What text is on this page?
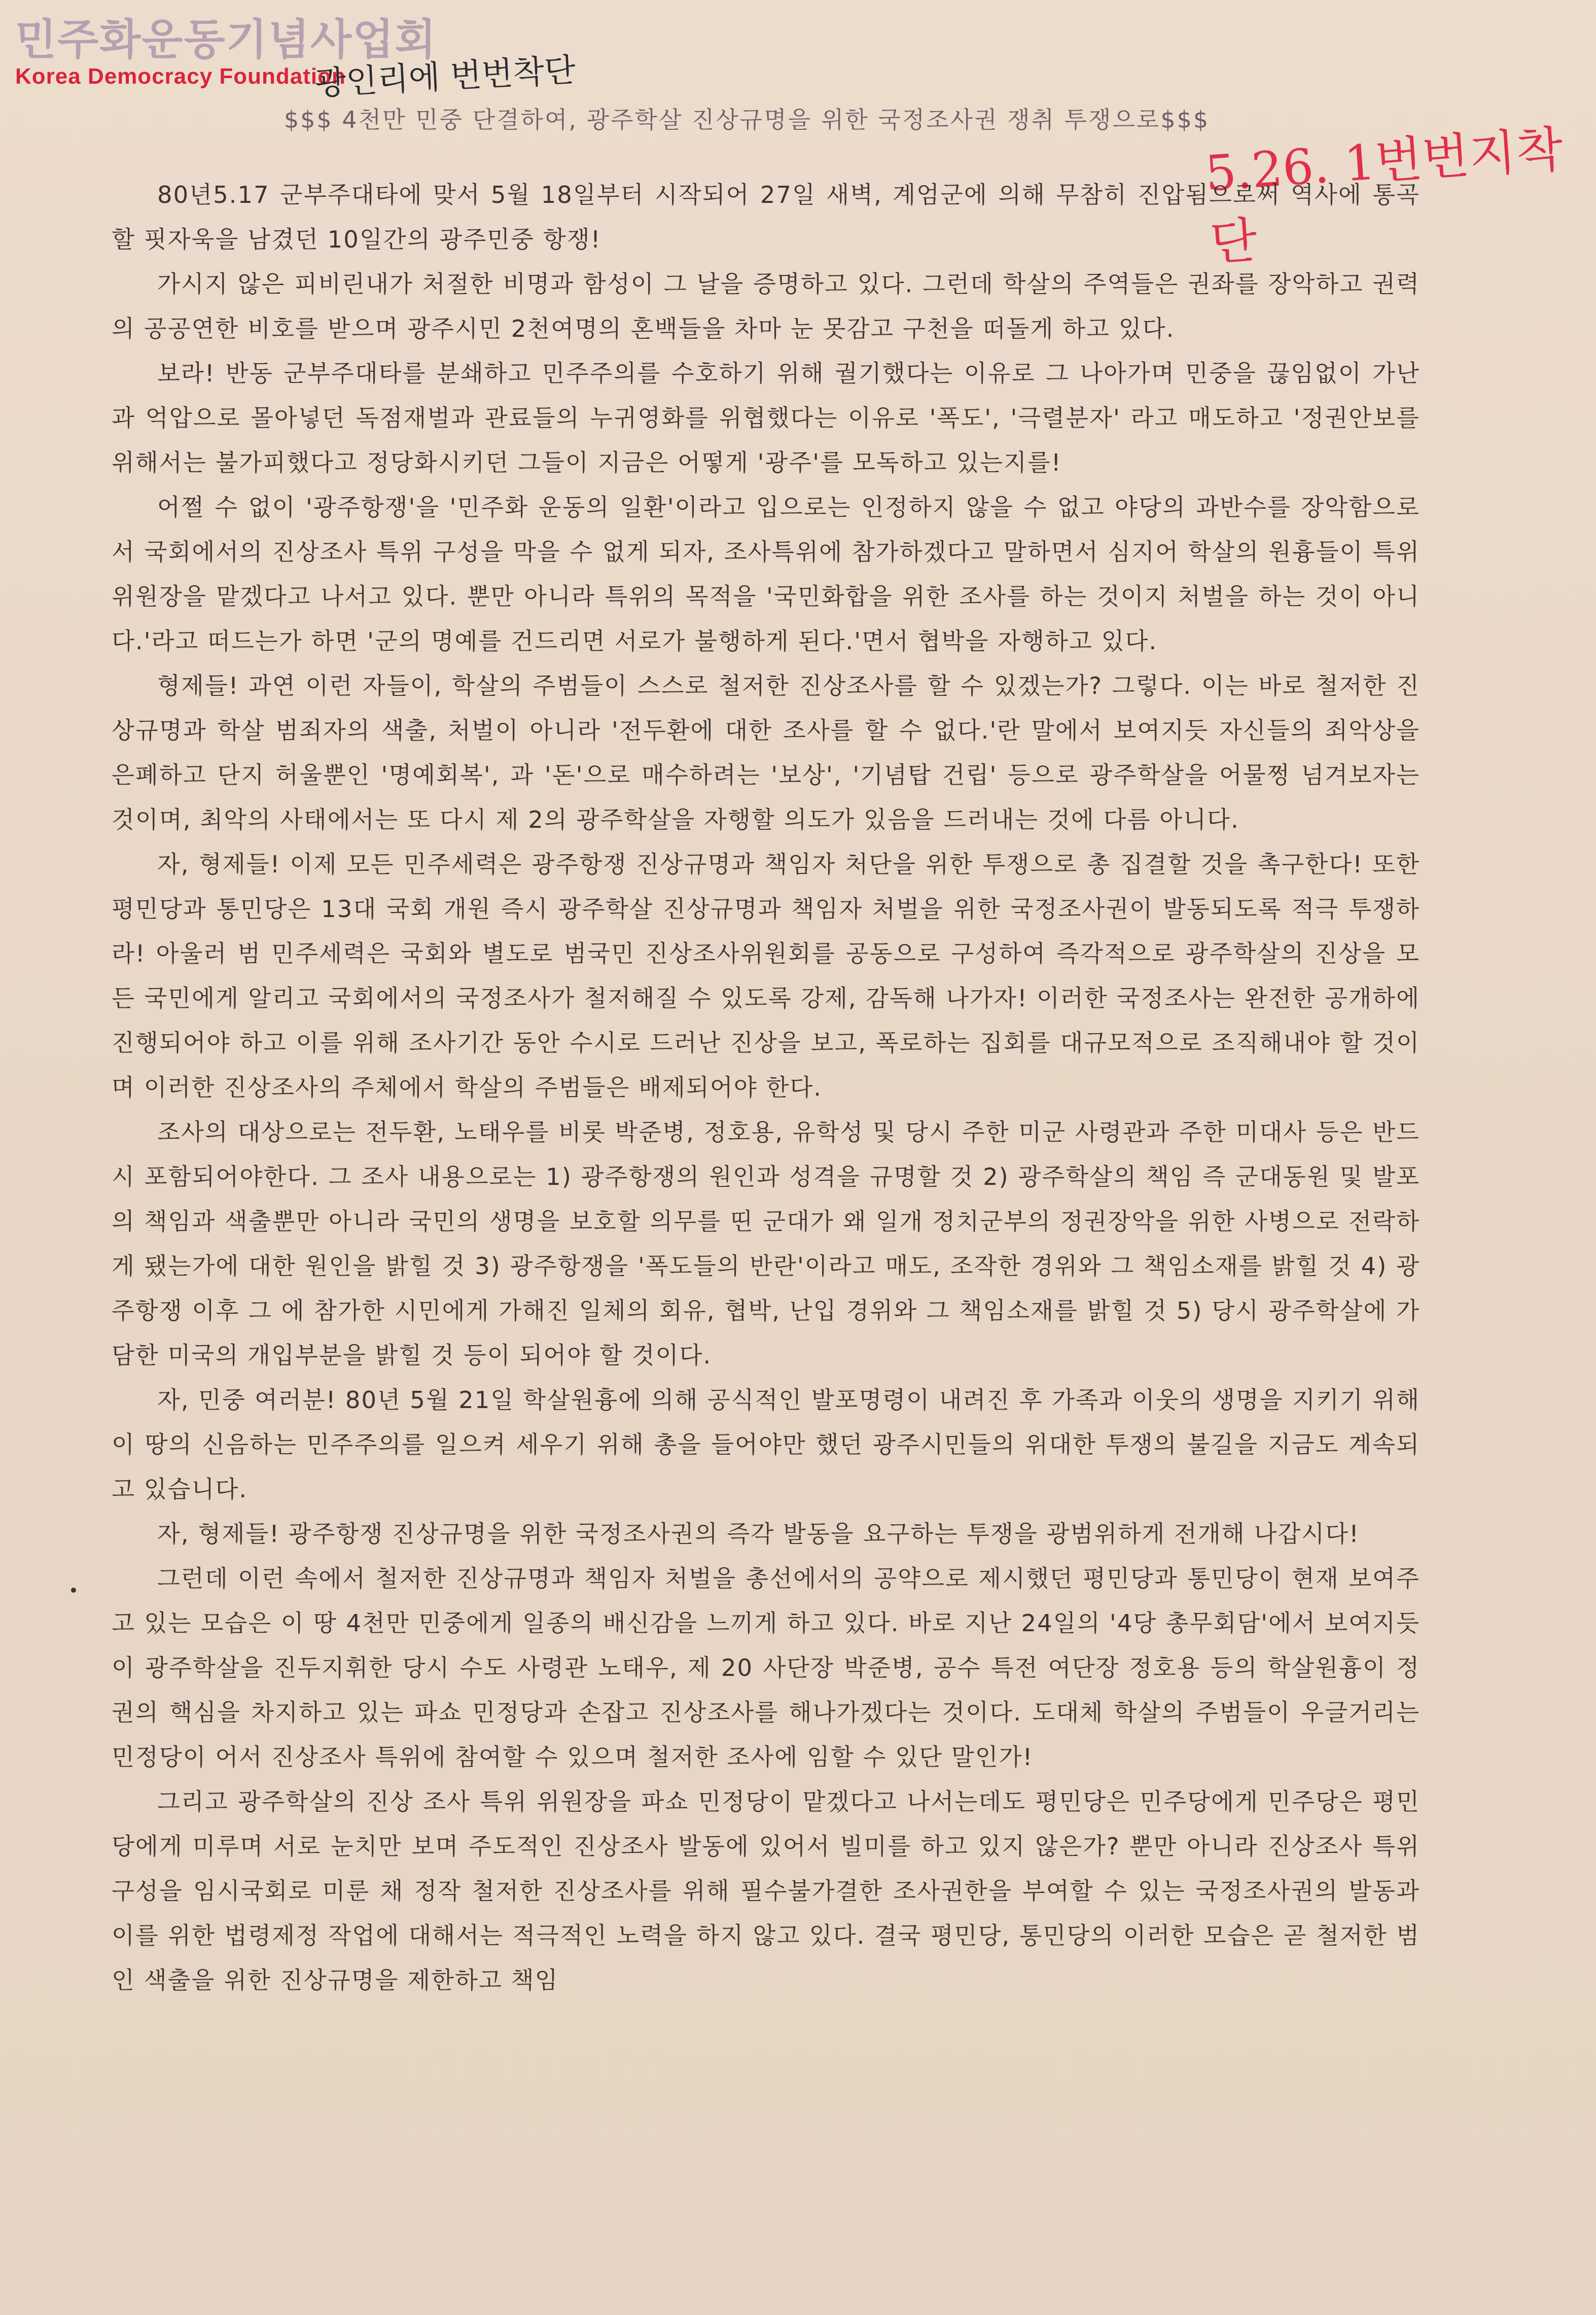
민주화운동기념사업회
Korea Democracy Foundation
광인리에 번번착단
5.26. 1번번지착단
$$$ 4천만 민중 단결하여, 광주학살 진상규명을 위한 국정조사권 쟁취 투쟁으로$$$

80년5.17 군부주대타에 맞서 5월 18일부터 시작되어 27일 새벽, 계엄군에 의해 무참히 진압됨으로써 역사에 통곡할 핏자욱을 남겼던 10일간의 광주민중 항쟁!

가시지 않은 피비린내가 처절한 비명과 함성이 그 날을 증명하고 있다. 그런데 학살의 주역들은 권좌를 장악하고 권력의 공공연한 비호를 받으며 광주시민 2천여명의 혼백들을 차마 눈 못감고 구천을 떠돌게 하고 있다.

보라! 반동 군부주대타를 분쇄하고 민주주의를 수호하기 위해 궐기했다는 이유로 그 나아가며 민중을 끊임없이 가난과 억압으로 몰아넣던 독점재벌과 관료들의 누귀영화를 위협했다는 이유로 '폭도', '극렬분자' 라고 매도하고 '정권안보를 위해서는 불가피했다고 정당화시키던 그들이 지금은 어떻게 '광주'를 모독하고 있는지를!

어쩔 수 없이 '광주항쟁'을 '민주화 운동의 일환'이라고 입으로는 인정하지 않을 수 없고 야당의 과반수를 장악함으로서 국회에서의 진상조사 특위 구성을 막을 수 없게 되자, 조사특위에 참가하겠다고 말하면서 심지어 학살의 원흉들이 특위위원장을 맡겠다고 나서고 있다. 뿐만 아니라 특위의 목적을 '국민화합을 위한 조사를 하는 것이지 처벌을 하는 것이 아니다.'라고 떠드는가 하면 '군의 명예를 건드리면 서로가 불행하게 된다.'면서 협박을 자행하고 있다.

형제들! 과연 이런 자들이, 학살의 주범들이 스스로 철저한 진상조사를 할 수 있겠는가? 그렇다. 이는 바로 철저한 진상규명과 학살 범죄자의 색출, 처벌이 아니라 '전두환에 대한 조사를 할 수 없다.'란 말에서 보여지듯 자신들의 죄악상을 은폐하고 단지 허울뿐인 '명예회복', 과 '돈'으로 매수하려는 '보상', '기념탑 건립' 등으로 광주학살을 어물쩡 넘겨보자는 것이며, 최악의 사태에서는 또 다시 제 2의 광주학살을 자행할 의도가 있음을 드러내는 것에 다름 아니다.

자, 형제들! 이제 모든 민주세력은 광주항쟁 진상규명과 책임자 처단을 위한 투쟁으로 총 집결할 것을 촉구한다! 또한 평민당과 통민당은 13대 국회 개원 즉시 광주학살 진상규명과 책임자 처벌을 위한 국정조사권이 발동되도록 적극 투쟁하라! 아울러 범 민주세력은 국회와 별도로 범국민 진상조사위원회를 공동으로 구성하여 즉각적으로 광주학살의 진상을 모든 국민에게 알리고 국회에서의 국정조사가 철저해질 수 있도록 강제, 감독해 나가자! 이러한 국정조사는 완전한 공개하에 진행되어야 하고 이를 위해 조사기간 동안 수시로 드러난 진상을 보고, 폭로하는 집회를 대규모적으로 조직해내야 할 것이며 이러한 진상조사의 주체에서 학살의 주범들은 배제되어야 한다.

조사의 대상으로는 전두환, 노태우를 비롯 박준병, 정호용, 유학성 및 당시 주한 미군 사령관과 주한 미대사 등은 반드시 포함되어야한다. 그 조사 내용으로는 1) 광주항쟁의 원인과 성격을 규명할 것 2) 광주학살의 책임 즉 군대동원 및 발포의 책임과 색출뿐만 아니라 국민의 생명을 보호할 의무를 띤 군대가 왜 일개 정치군부의 정권장악을 위한 사병으로 전락하게 됐는가에 대한 원인을 밝힐 것 3) 광주항쟁을 '폭도들의 반란'이라고 매도, 조작한 경위와 그 책임소재를 밝힐 것 4) 광주항쟁 이후 그 에 참가한 시민에게 가해진 일체의 회유, 협박, 난입 경위와 그 책임소재를 밝힐 것 5) 당시 광주학살에 가담한 미국의 개입부분을 밝힐 것 등이 되어야 할 것이다.

자, 민중 여러분! 80년 5월 21일 학살원흉에 의해 공식적인 발포명령이 내려진 후 가족과 이웃의 생명을 지키기 위해 이 땅의 신음하는 민주주의를 일으켜 세우기 위해 총을 들어야만 했던 광주시민들의 위대한 투쟁의 불길을 지금도 계속되고 있습니다.

자, 형제들! 광주항쟁 진상규명을 위한 국정조사권의 즉각 발동을 요구하는 투쟁을 광범위하게 전개해 나갑시다!

그런데 이런 속에서 철저한 진상규명과 책임자 처벌을 총선에서의 공약으로 제시했던 평민당과 통민당이 현재 보여주고 있는 모습은 이 땅 4천만 민중에게 일종의 배신감을 느끼게 하고 있다. 바로 지난 24일의 '4당 총무회담'에서 보여지듯이 광주학살을 진두지휘한 당시 수도 사령관 노태우, 제 20 사단장 박준병, 공수 특전 여단장 정호용 등의 학살원흉이 정권의 핵심을 차지하고 있는 파쇼 민정당과 손잡고 진상조사를 해나가겠다는 것이다. 도대체 학살의 주범들이 우글거리는 민정당이 어서 진상조사 특위에 참여할 수 있으며 철저한 조사에 임할 수 있단 말인가!

그리고 광주학살의 진상 조사 특위 위원장을 파쇼 민정당이 맡겠다고 나서는데도 평민당은 민주당에게 민주당은 평민당에게 미루며 서로 눈치만 보며 주도적인 진상조사 발동에 있어서 빌미를 하고 있지 않은가? 뿐만 아니라 진상조사 특위 구성을 임시국회로 미룬 채 정작 철저한 진상조사를 위해 필수불가결한 조사권한을 부여할 수 있는 국정조사권의 발동과 이를 위한 법령제정 작업에 대해서는 적극적인 노력을 하지 않고 있다. 결국 평민당, 통민당의 이러한 모습은 곧 철저한 범인 색출을 위한 진상규명을 제한하고 책임
